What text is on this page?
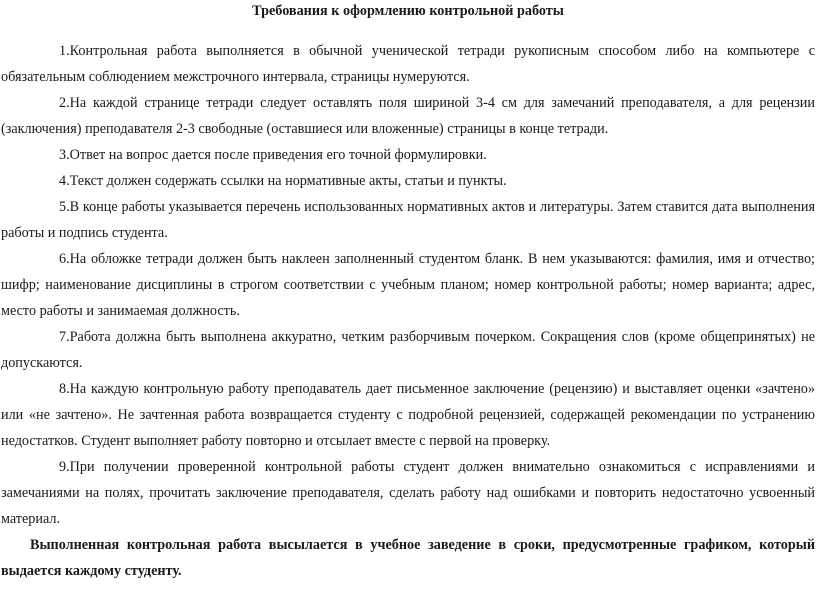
Требования к оформлению контрольной работы

1.Контрольная работа выполняется в обычной ученической тетради рукописным способом либо на компьютере с обязательным соблюдением межстрочного интервала, страницы нумеруются.

2.На каждой странице тетради следует оставлять поля шириной 3-4 см для замечаний преподавателя, а для рецензии (заключения) преподавателя 2-3 свободные (оставшиеся или вложенные) страницы в конце тетради.

3.Ответ на вопрос дается после приведения его точной формулировки.

4.Текст должен содержать ссылки на нормативные акты, статьи и пункты.

5.В конце работы указывается перечень использованных нормативных актов и литературы. Затем ставится дата выполнения работы и подпись студента.

6.На обложке тетради должен быть наклеен заполненный студентом бланк. В нем указываются: фамилия, имя и отчество; шифр; наименование дисциплины в строгом соответствии с учебным планом; номер контрольной работы; номер варианта; адрес, место работы и занимаемая должность.

7.Работа должна быть выполнена аккуратно, четким разборчивым почерком. Сокращения слов (кроме общепринятых) не допускаются.

8.На каждую контрольную работу преподаватель дает письменное заключение (рецензию) и выставляет оценки «зачтено» или «не зачтено». Не зачтенная работа возвращается студенту с подробной рецензией, содержащей рекомендации по устранению недостатков. Студент выполняет работу повторно и отсылает вместе с первой на проверку.

9.При получении проверенной контрольной работы студент должен внимательно ознакомиться с исправлениями и замечаниями на полях, прочитать заключение преподавателя, сделать работу над ошибками и повторить недостаточно усвоенный материал.

Выполненная контрольная работа высылается в учебное заведение в сроки, предусмотренные графиком, который выдается каждому студенту.
